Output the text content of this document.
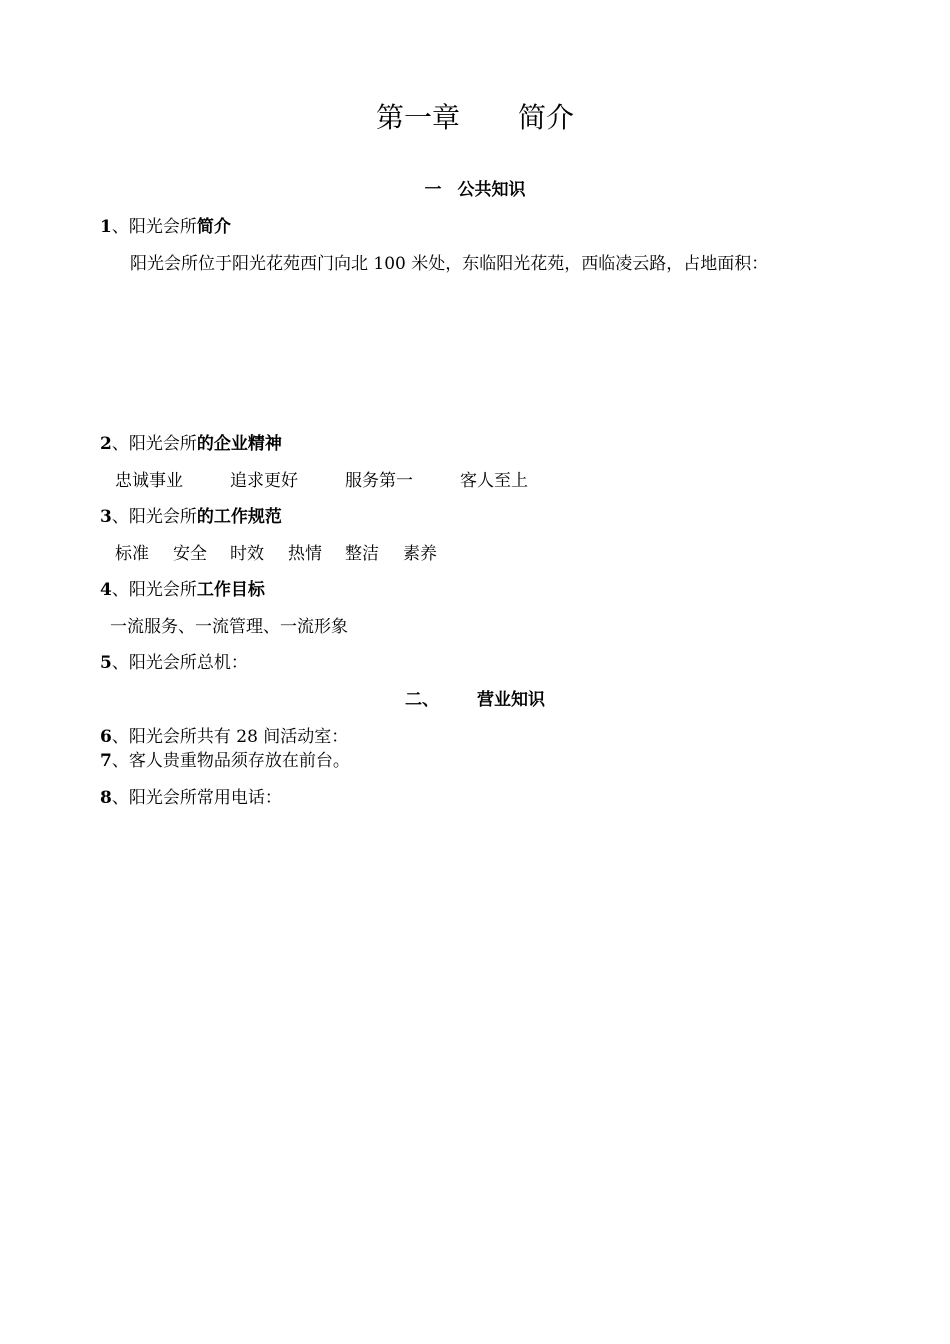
第一章 简介
一 公共知识
1、阳光会所简介
阳光会所位于阳光花苑西门向北 100 米处，东临阳光花苑，西临凌云路，占地面积：
2、阳光会所的企业精神
忠诚事业	追求更好	服务第一	客人至上
3、阳光会所的工作规范
标准 安全 时效 热情 整洁 素养
4、阳光会所工作目标
一流服务、一流管理、一流形象
5、阳光会所总机：
二、 营业知识
6、阳光会所共有 28 间活动室：
7、客人贵重物品须存放在前台。
8、阳光会所常用电话：
